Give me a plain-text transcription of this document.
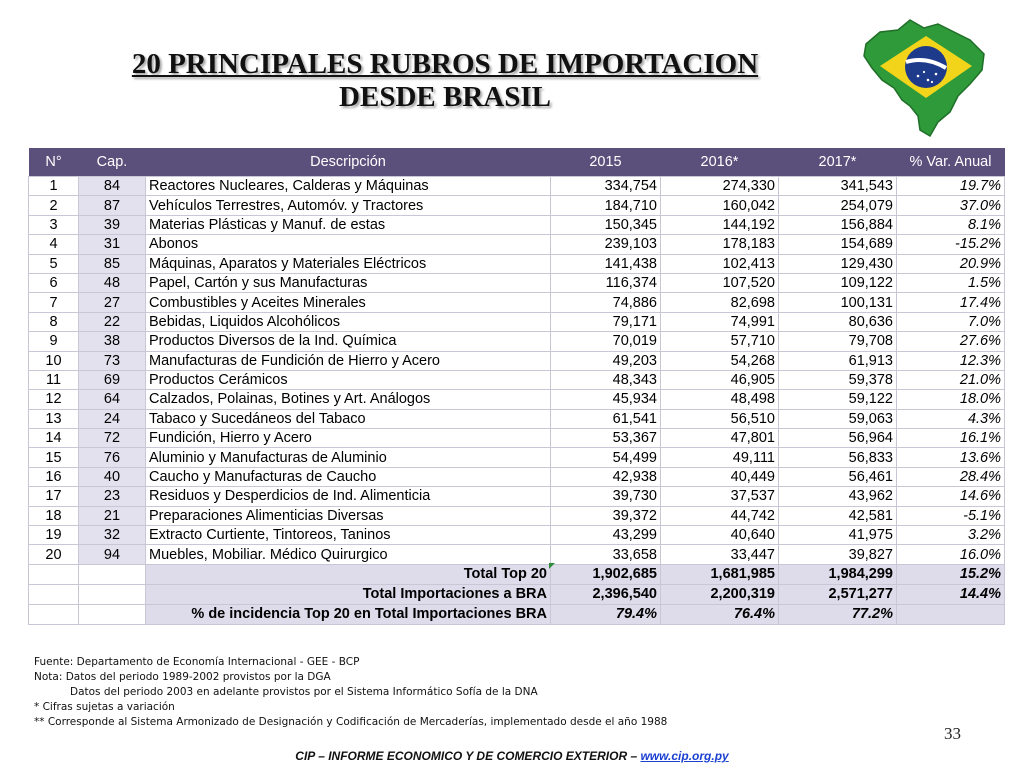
20 PRINCIPALES RUBROS DE IMPORTACION
DESDE BRASIL
N°	Cap.	Descripción	2015	2016*	2017*	% Var. Anual
1	84	Reactores Nucleares, Calderas y Máquinas	334,754	274,330	341,543	19.7%
2	87	Vehículos Terrestres, Automóv. y Tractores	184,710	160,042	254,079	37.0%
3	39	Materias Plásticas y Manuf. de estas	150,345	144,192	156,884	8.1%
4	31	Abonos	239,103	178,183	154,689	-15.2%
5	85	Máquinas, Aparatos y Materiales Eléctricos	141,438	102,413	129,430	20.9%
6	48	Papel, Cartón y sus Manufacturas	116,374	107,520	109,122	1.5%
7	27	Combustibles y Aceites Minerales	74,886	82,698	100,131	17.4%
8	22	Bebidas, Liquidos Alcohólicos	79,171	74,991	80,636	7.0%
9	38	Productos Diversos de la Ind. Química	70,019	57,710	79,708	27.6%
10	73	Manufacturas de Fundición de Hierro y Acero	49,203	54,268	61,913	12.3%
11	69	Productos Cerámicos	48,343	46,905	59,378	21.0%
12	64	Calzados, Polainas, Botines y Art. Análogos	45,934	48,498	59,122	18.0%
13	24	Tabaco y Sucedáneos del Tabaco	61,541	56,510	59,063	4.3%
14	72	Fundición, Hierro y Acero	53,367	47,801	56,964	16.1%
15	76	Aluminio y Manufacturas de Aluminio	54,499	49,111	56,833	13.6%
16	40	Caucho y Manufacturas de Caucho	42,938	40,449	56,461	28.4%
17	23	Residuos y Desperdicios de Ind. Alimenticia	39,730	37,537	43,962	14.6%
18	21	Preparaciones Alimenticias Diversas	39,372	44,742	42,581	-5.1%
19	32	Extracto Curtiente, Tintoreos, Taninos	43,299	40,640	41,975	3.2%
20	94	Muebles, Mobiliar. Médico Quirurgico	33,658	33,447	39,827	16.0%
		Total Top 20	1,902,685	1,681,985	1,984,299	15.2%
		Total Importaciones a BRA	2,396,540	2,200,319	2,571,277	14.4%
		% de incidencia Top 20 en Total Importaciones BRA	79.4%	76.4%	77.2%	
Fuente: Departamento de Economía Internacional - GEE - BCP
Nota: Datos del periodo 1989-2002 provistos por la DGA
Datos del periodo 2003 en adelante provistos por el Sistema Informático Sofía de la DNA
* Cifras sujetas a variación
** Corresponde al Sistema Armonizado de Designación y Codificación de Mercaderías, implementado desde el año 1988
33
CIP – INFORME ECONOMICO Y DE COMERCIO EXTERIOR – www.cip.org.py
